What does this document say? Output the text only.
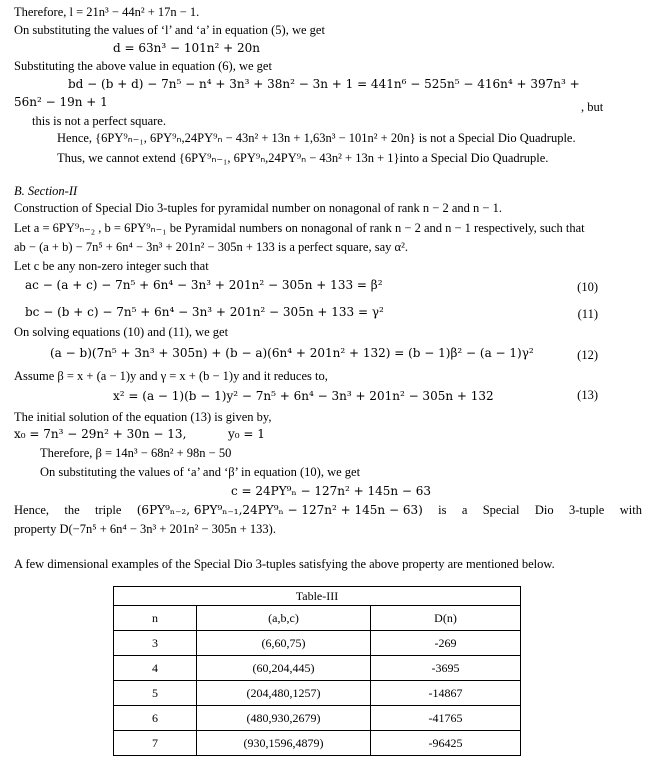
Therefore, l = 21n³ − 44n² + 17n − 1.
On substituting the values of ‘l’ and ‘a’ in equation (5), we get
d = 63n³ − 101n² + 20n
Substituting the above value in equation (6), we get
bd − (b + d) − 7n⁵ − n⁴ + 3n³ + 38n² − 3n + 1 = 441n⁶ − 525n⁵ − 416n⁴ + 397n³ +
56n² − 19n + 1	, but
this is not a perfect square.
Hence, {6PY⁹ₙ₋₁, 6PY⁹ₙ,24PY⁹ₙ − 43n² + 13n + 1,63n³ − 101n² + 20n} is not a Special Dio Quadruple.
Thus, we cannot extend {6PY⁹ₙ₋₁, 6PY⁹ₙ,24PY⁹ₙ − 43n² + 13n + 1}into a Special Dio Quadruple.
B. Section-II
Construction of Special Dio 3-tuples for pyramidal number on nonagonal of rank n − 2 and n − 1.
Let a = 6PY⁹ₙ₋₂ , b = 6PY⁹ₙ₋₁ be Pyramidal numbers on nonagonal of rank n − 2 and n − 1 respectively, such that
ab − (a + b) − 7n⁵ + 6n⁴ − 3n³ + 201n² − 305n + 133 is a perfect square, say α².
Let c be any non-zero integer such that
ac − (a + c) − 7n⁵ + 6n⁴ − 3n³ + 201n² − 305n + 133 = β²	(10)
bc − (b + c) − 7n⁵ + 6n⁴ − 3n³ + 201n² − 305n + 133 = γ²	(11)
On solving equations (10) and (11), we get
(a − b)(7n⁵ + 3n³ + 305n) + (b − a)(6n⁴ + 201n² + 132) = (b − 1)β² − (a − 1)γ²	(12)
Assume β = x + (a − 1)y and γ = x + (b − 1)y and it reduces to,
x² = (a − 1)(b − 1)y² − 7n⁵ + 6n⁴ − 3n³ + 201n² − 305n + 132	(13)
The initial solution of the equation (13) is given by,
x₀ = 7n³ − 29n² + 30n − 13,	y₀ = 1
Therefore, β = 14n³ − 68n² + 98n − 50
On substituting the values of ‘a’ and ‘β’ in equation (10), we get
c = 24PY⁹ₙ − 127n² + 145n − 63
Hence, the triple (6PY⁹ₙ₋₂, 6PY⁹ₙ₋₁,24PY⁹ₙ − 127n² + 145n − 63) is a Special Dio 3-tuple with
property D(−7n⁵ + 6n⁴ − 3n³ + 201n² − 305n + 133).
A few dimensional examples of the Special Dio 3-tuples satisfying the above property are mentioned below.
Table-III		
n	(a,b,c)	D(n)
3	(6,60,75)	-269
4	(60,204,445)	-3695
5	(204,480,1257)	-14867
6	(480,930,2679)	-41765
7	(930,1596,4879)	-96425
